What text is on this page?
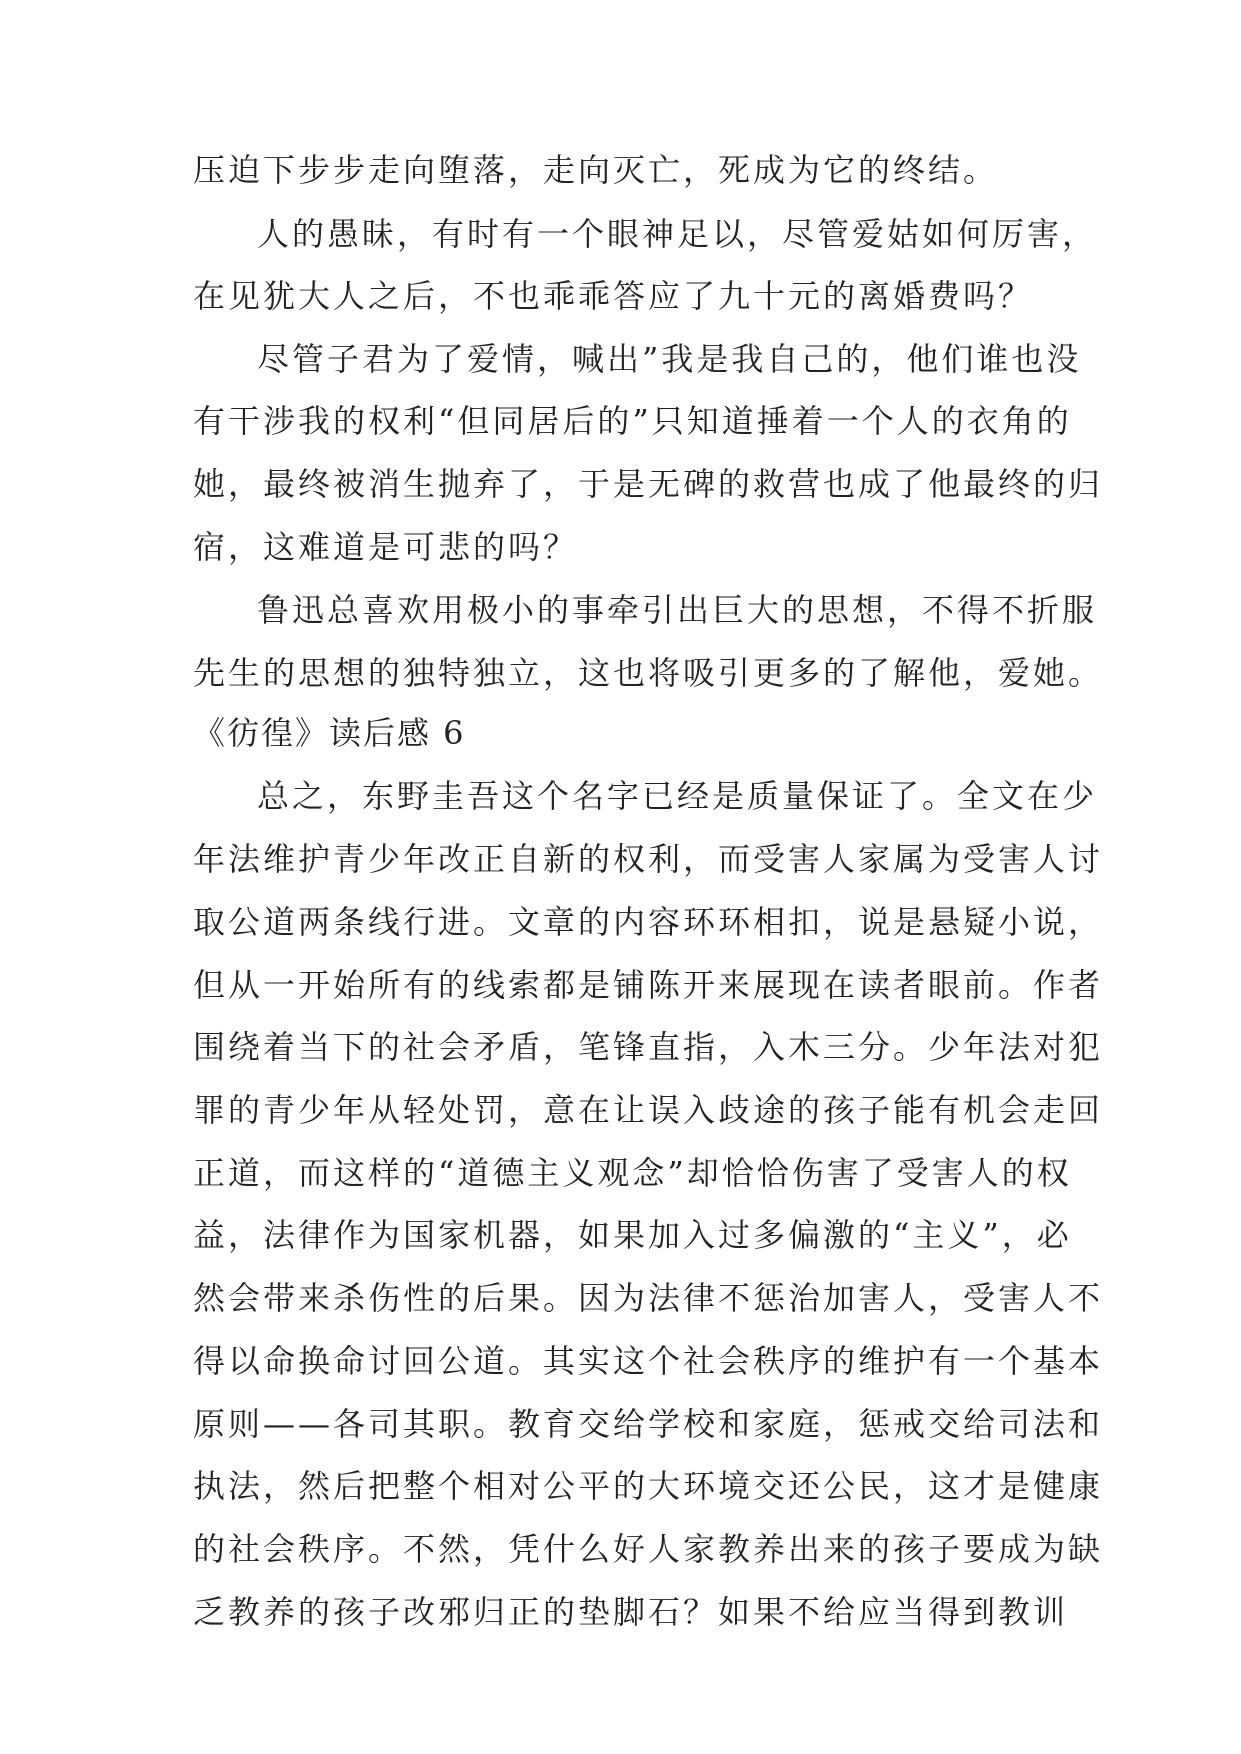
压迫下步步走向堕落，走向灭亡，死成为它的终结。
人的愚昧，有时有一个眼神足以，尽管爱姑如何厉害，
在见犹大人之后，不也乖乖答应了九十元的离婚费吗？
尽管子君为了爱情，喊出”我是我自己的，他们谁也没
有干涉我的权利“但同居后的”只知道捶着一个人的衣角的
她，最终被消生抛弃了，于是无碑的救营也成了他最终的归
宿，这难道是可悲的吗？
鲁迅总喜欢用极小的事牵引出巨大的思想，不得不折服
先生的思想的独特独立，这也将吸引更多的了解他，爱她。
《彷徨》读后感 6
总之，东野圭吾这个名字已经是质量保证了。全文在少
年法维护青少年改正自新的权利，而受害人家属为受害人讨
取公道两条线行进。文章的内容环环相扣，说是悬疑小说，
但从一开始所有的线索都是铺陈开来展现在读者眼前。作者
围绕着当下的社会矛盾，笔锋直指，入木三分。少年法对犯
罪的青少年从轻处罚，意在让误入歧途的孩子能有机会走回
正道，而这样的“道德主义观念”却恰恰伤害了受害人的权
益，法律作为国家机器，如果加入过多偏激的“主义”，必
然会带来杀伤性的后果。因为法律不惩治加害人，受害人不
得以命换命讨回公道。其实这个社会秩序的维护有一个基本
原则——各司其职。教育交给学校和家庭，惩戒交给司法和
执法，然后把整个相对公平的大环境交还公民，这才是健康
的社会秩序。不然，凭什么好人家教养出来的孩子要成为缺
乏教养的孩子改邪归正的垫脚石？如果不给应当得到教训
